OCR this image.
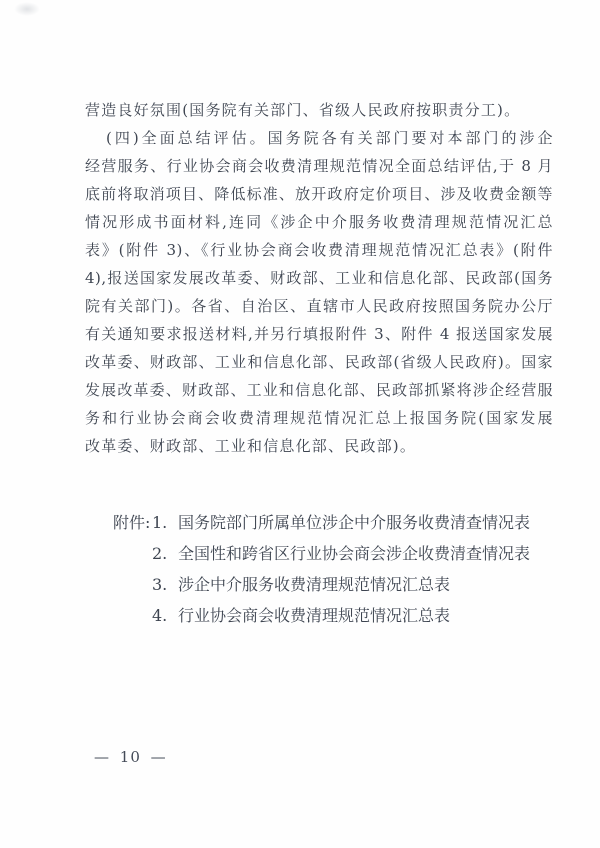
营造良好氛围(国务院有关部门、省级人民政府按职责分工)。
(四)全面总结评估。国务院各有关部门要对本部门的涉企
经营服务、行业协会商会收费清理规范情况全面总结评估,于 8 月
底前将取消项目、降低标准、放开政府定价项目、涉及收费金额等
情况形成书面材料,连同《涉企中介服务收费清理规范情况汇总
表》(附件 3)、《行业协会商会收费清理规范情况汇总表》(附件
4),报送国家发展改革委、财政部、工业和信息化部、民政部(国务
院有关部门)。各省、自治区、直辖市人民政府按照国务院办公厅
有关通知要求报送材料,并另行填报附件 3、附件 4 报送国家发展
改革委、财政部、工业和信息化部、民政部(省级人民政府)。国家
发展改革委、财政部、工业和信息化部、民政部抓紧将涉企经营服
务和行业协会商会收费清理规范情况汇总上报国务院(国家发展
改革委、财政部、工业和信息化部、民政部)。
附件: 1. 国务院部门所属单位涉企中介服务收费清查情况表
2. 全国性和跨省区行业协会商会涉企收费清查情况表
3. 涉企中介服务收费清理规范情况汇总表
4. 行业协会商会收费清理规范情况汇总表
— 10 —
